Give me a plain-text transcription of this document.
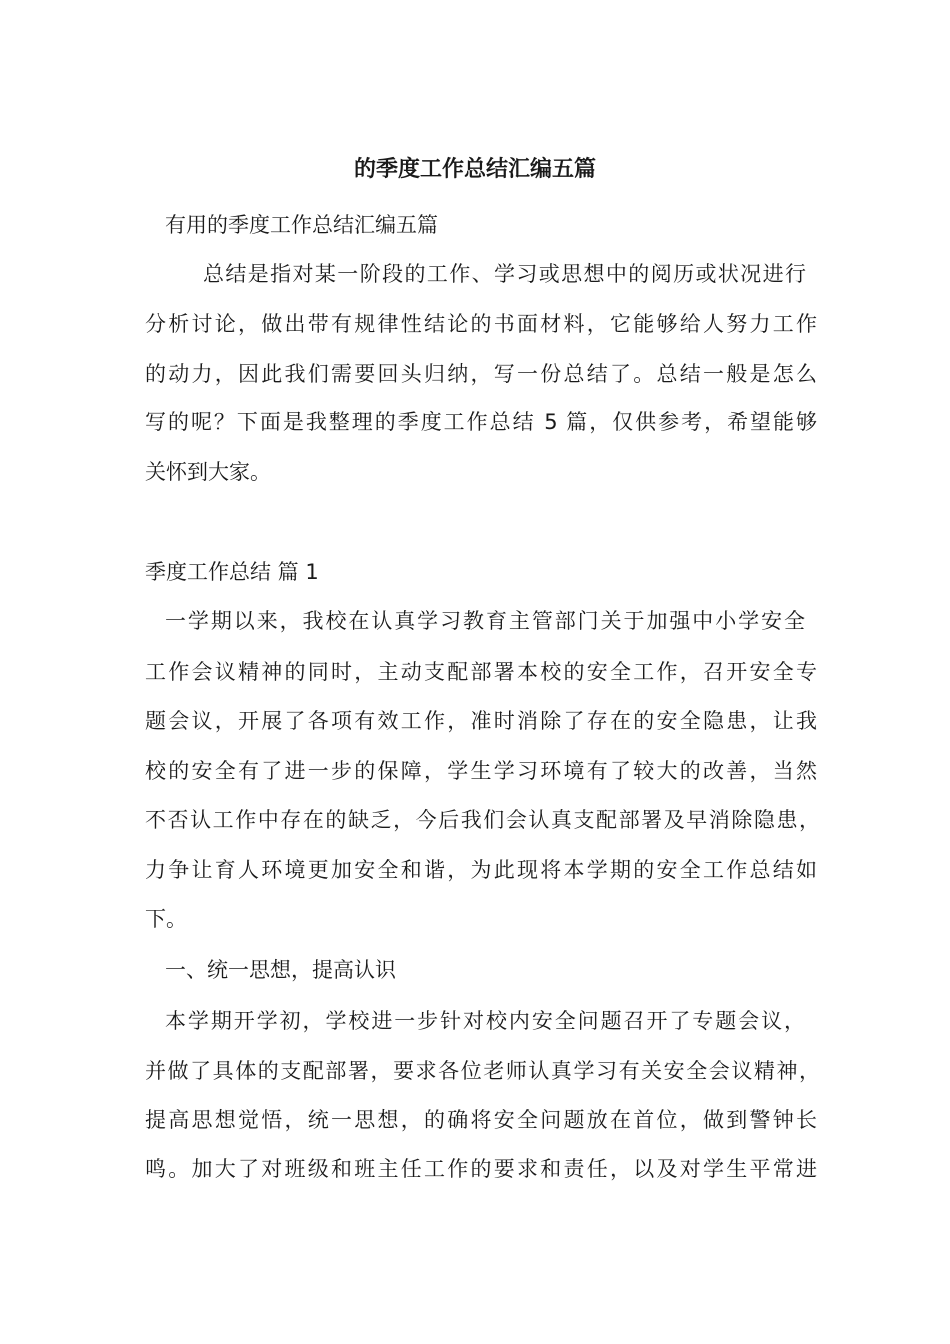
的季度工作总结汇编五篇

有用的季度工作总结汇编五篇

总结是指对某一阶段的工作、学习或思想中的阅历或状况进行

分析讨论，做出带有规律性结论的书面材料，它能够给人努力工作

的动力，因此我们需要回头归纳，写一份总结了。总结一般是怎么

写的呢？下面是我整理的季度工作总结 5 篇，仅供参考，希望能够

关怀到大家。

季度工作总结 篇 1

一学期以来，我校在认真学习教育主管部门关于加强中小学安全

工作会议精神的同时，主动支配部署本校的安全工作，召开安全专

题会议，开展了各项有效工作，准时消除了存在的安全隐患，让我

校的安全有了进一步的保障，学生学习环境有了较大的改善，当然

不否认工作中存在的缺乏，今后我们会认真支配部署及早消除隐患，

力争让育人环境更加安全和谐，为此现将本学期的安全工作总结如

下。

一、统一思想，提高认识

本学期开学初，学校进一步针对校内安全问题召开了专题会议，

并做了具体的支配部署，要求各位老师认真学习有关安全会议精神，

提高思想觉悟，统一思想，的确将安全问题放在首位，做到警钟长

鸣。加大了对班级和班主任工作的要求和责任，以及对学生平常进
